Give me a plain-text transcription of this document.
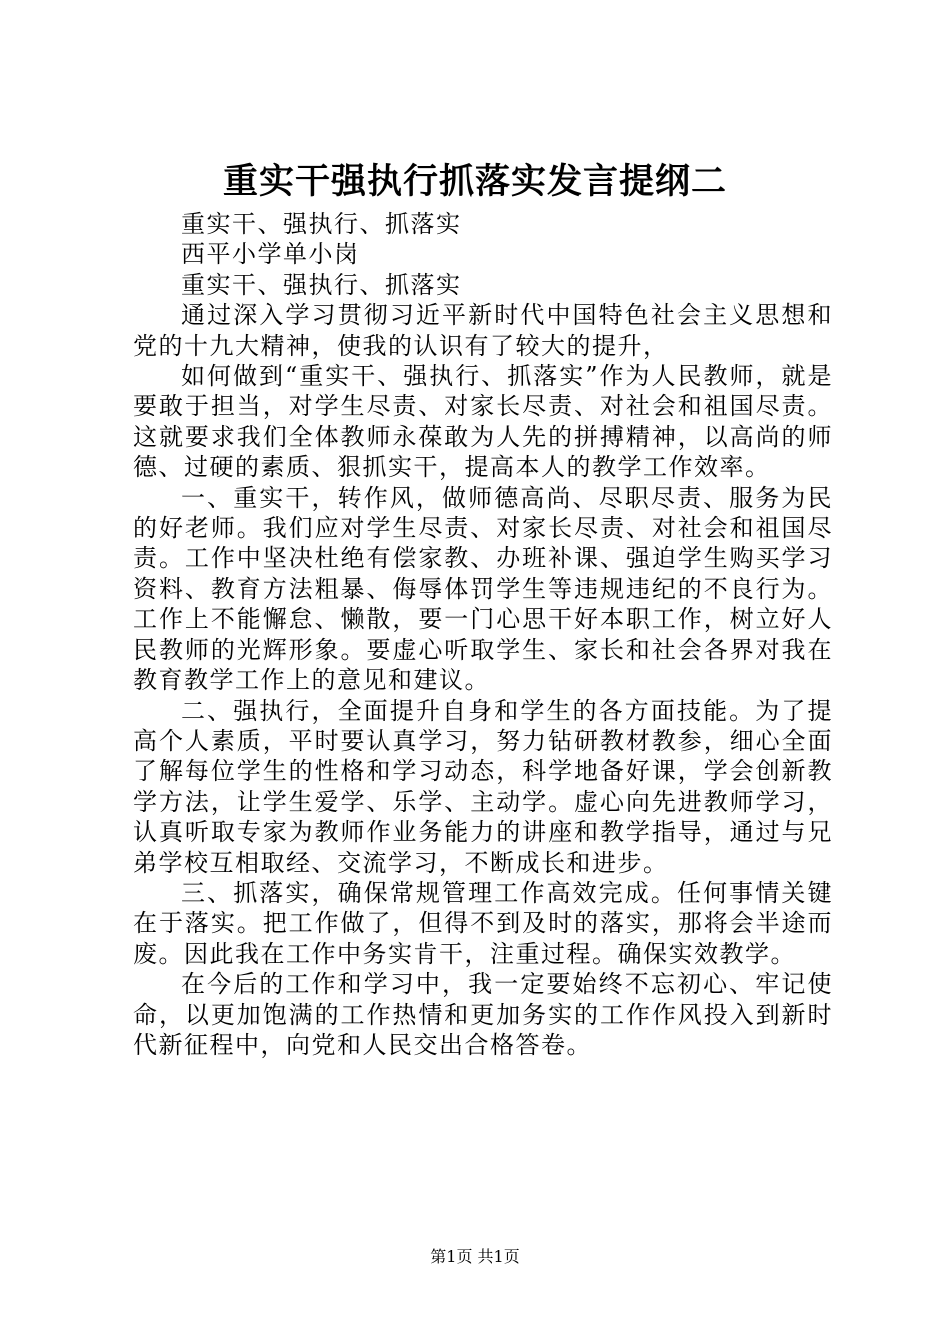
重实干强执行抓落实发言提纲二

重实干、强执行、抓落实

西平小学单小岗

重实干、强执行、抓落实

通过深入学习贯彻习近平新时代中国特色社会主义思想和党的十九大精神，使我的认识有了较大的提升，

如何做到“重实干、强执行、抓落实”作为人民教师，就是要敢于担当，对学生尽责、对家长尽责、对社会和祖国尽责。这就要求我们全体教师永葆敢为人先的拼搏精神，以高尚的师德、过硬的素质、狠抓实干，提高本人的教学工作效率。

一、重实干，转作风，做师德高尚、尽职尽责、服务为民的好老师。我们应对学生尽责、对家长尽责、对社会和祖国尽责。工作中坚决杜绝有偿家教、办班补课、强迫学生购买学习资料、教育方法粗暴、侮辱体罚学生等违规违纪的不良行为。工作上不能懈怠、懒散，要一门心思干好本职工作，树立好人民教师的光辉形象。要虚心听取学生、家长和社会各界对我在教育教学工作上的意见和建议。

二、强执行，全面提升自身和学生的各方面技能。为了提高个人素质，平时要认真学习，努力钻研教材教参，细心全面了解每位学生的性格和学习动态，科学地备好课，学会创新教学方法，让学生爱学、乐学、主动学。虚心向先进教师学习，认真听取专家为教师作业务能力的讲座和教学指导，通过与兄弟学校互相取经、交流学习，不断成长和进步。

三、抓落实，确保常规管理工作高效完成。任何事情关键在于落实。把工作做了，但得不到及时的落实，那将会半途而废。因此我在工作中务实肯干，注重过程。确保实效教学。

在今后的工作和学习中，我一定要始终不忘初心、牢记使命，以更加饱满的工作热情和更加务实的工作作风投入到新时代新征程中，向党和人民交出合格答卷。

第1页 共1页
